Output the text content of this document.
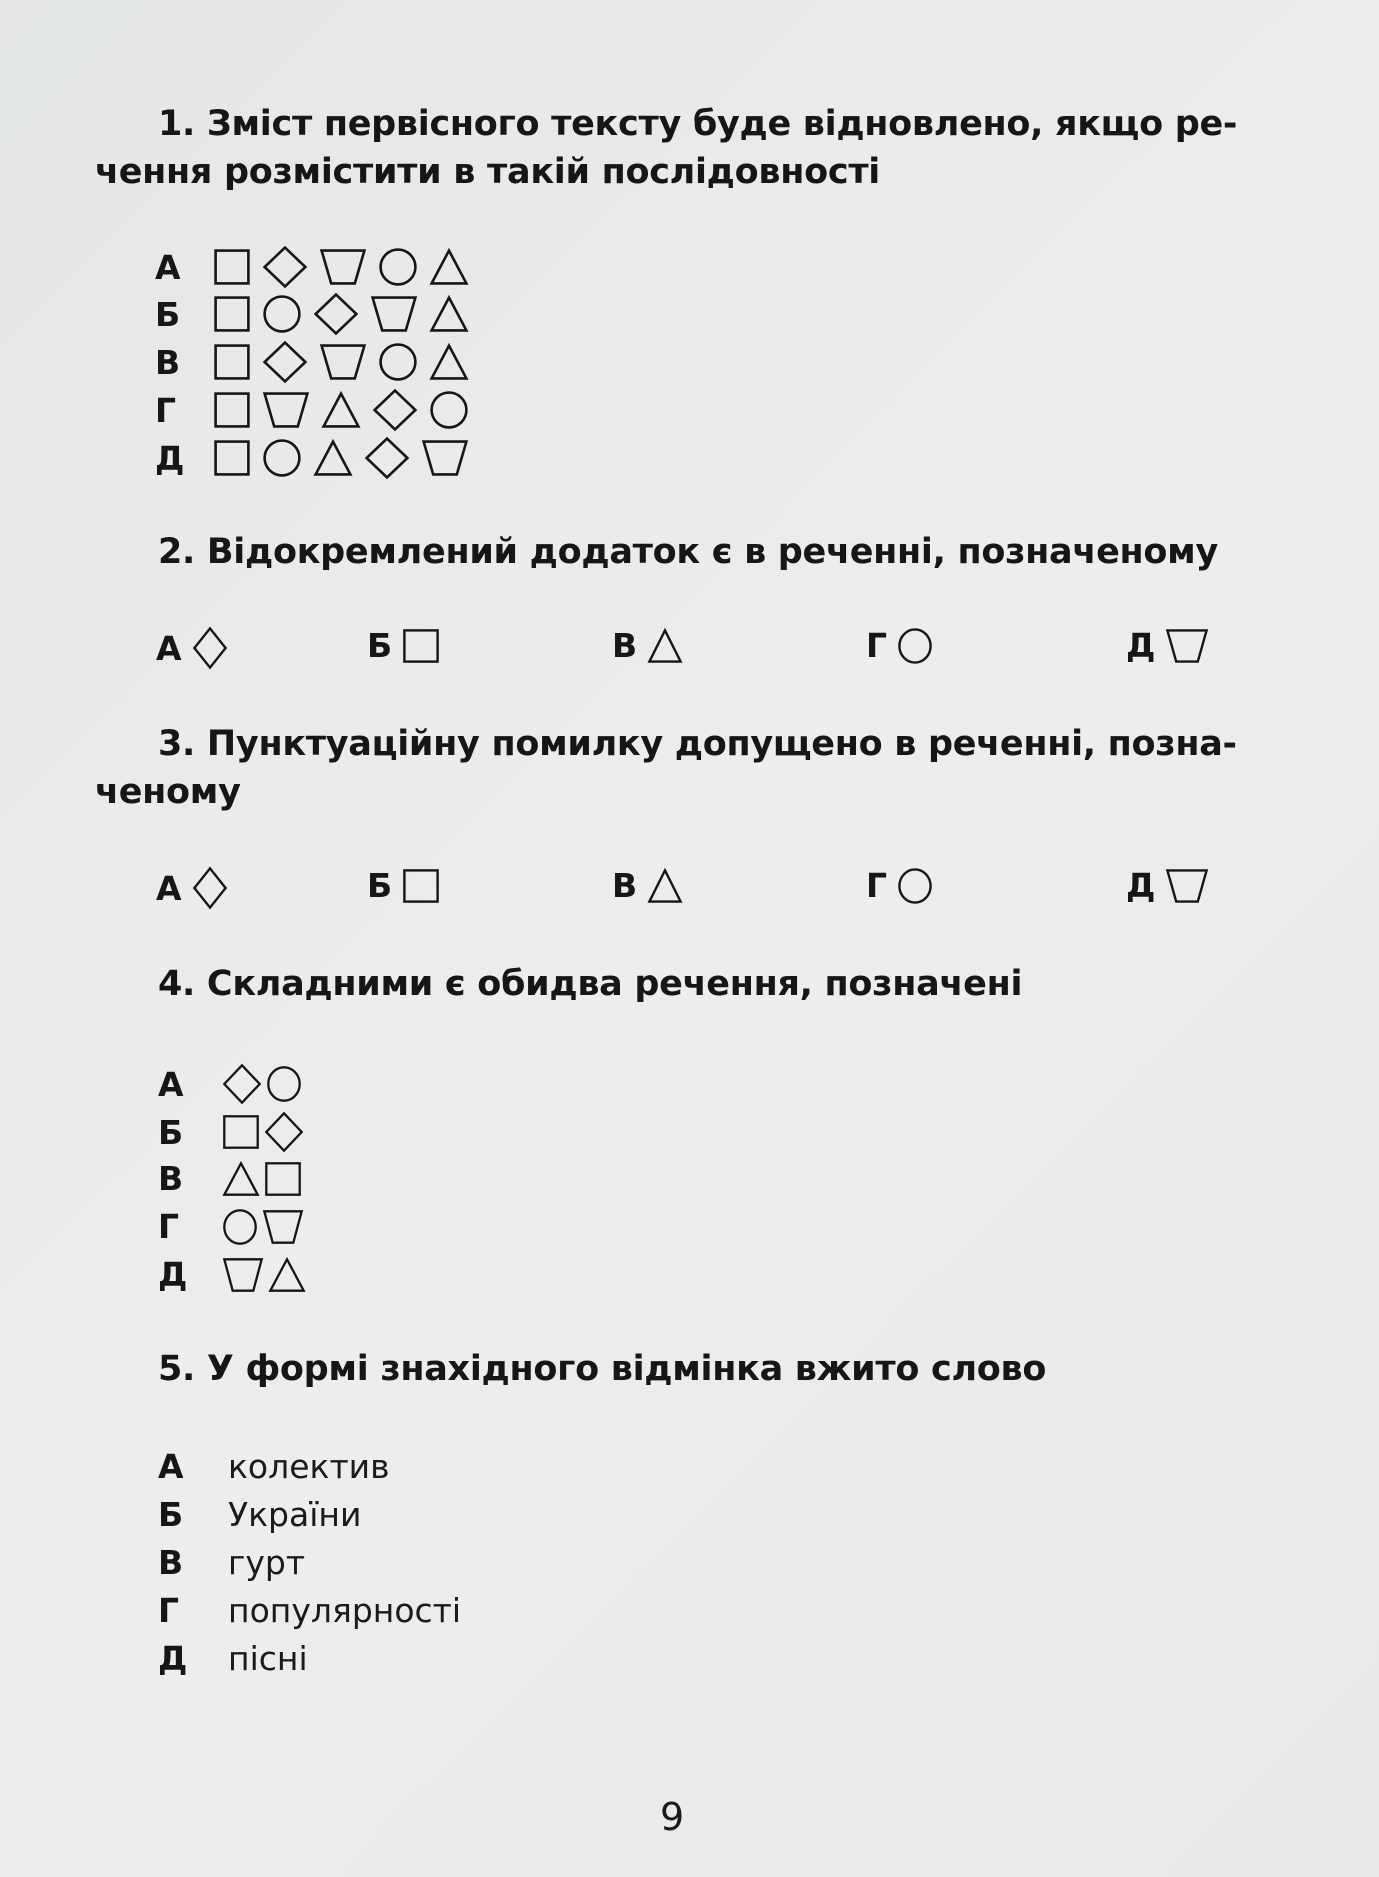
1. Зміст первісного тексту буде відновлено, якщо ре-
чення розмістити в такій послідовності
А
Б
В
Г
Д
2. Відокремлений додаток є в реченні, позначеному
А	Б	В	Г	Д
3. Пунктуаційну помилку допущено в реченні, позна-
ченому
А	Б	В	Г	Д
4. Складними є обидва речення, позначені
А
Б
В
Г
Д
5. У формі знахідного відмінка вжито слово
А	колектив
Б	України
В	гурт
Г	популярності
Д	пісні
9
